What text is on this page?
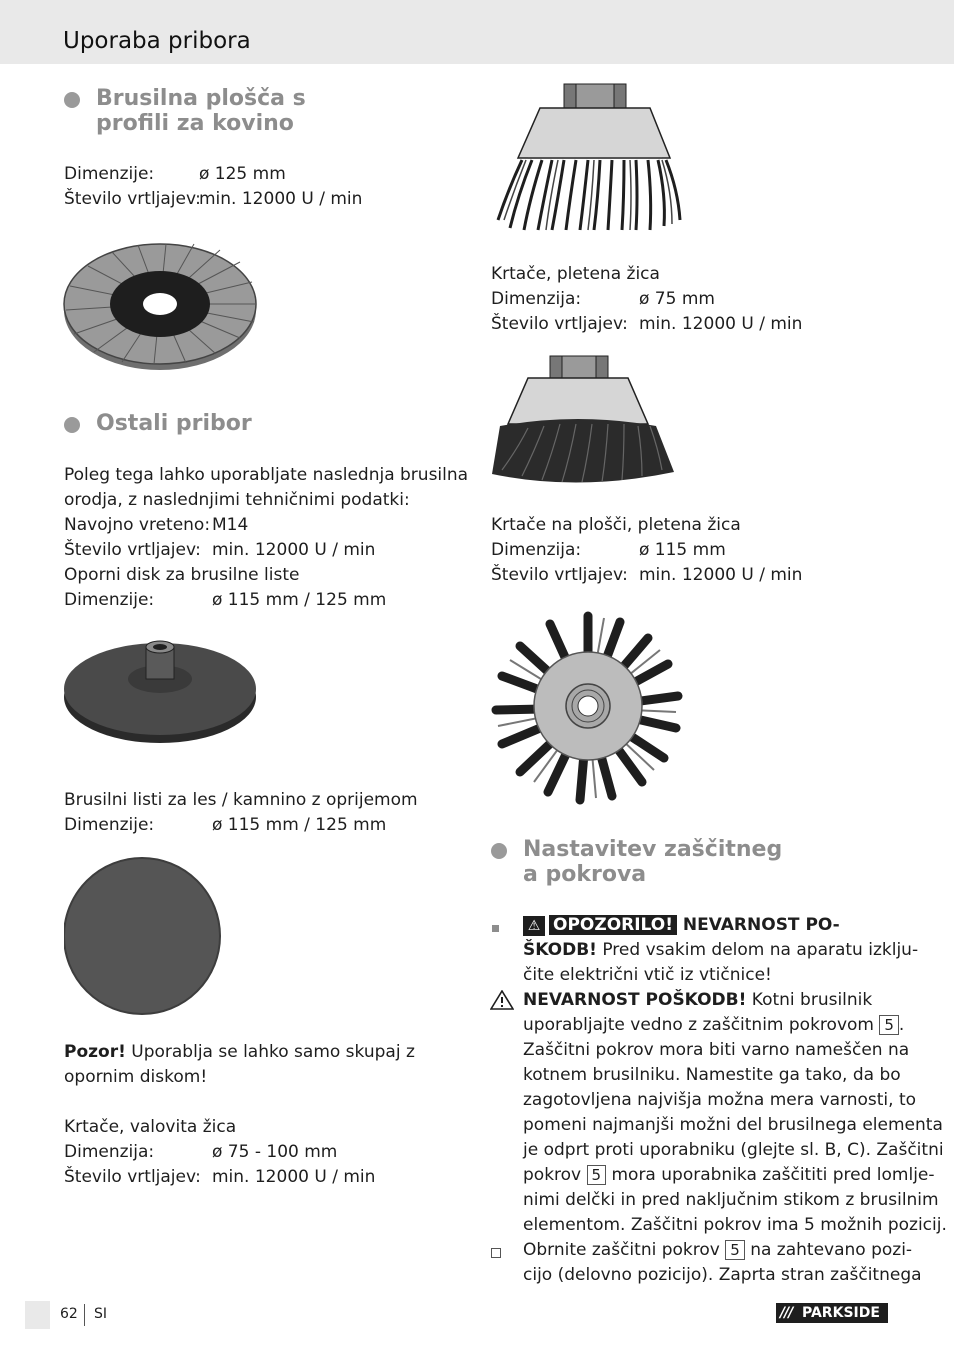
Uporaba pribora
Brusilna plošča s
profili za kovino
Dimenzije:	ø 125 mm
Število vrtljajev:min. 12000 U / min
Ostali pribor
Poleg tega lahko uporabljate naslednja brusilna
orodja, z naslednjimi tehničnimi podatki:
Navojno vreteno: M14
Število vrtljajev: min. 12000 U / min
Oporni disk za brusilne liste
Dimenzije:	ø 115 mm / 125 mm
Brusilni listi za les / kamnino z oprijemom
Dimenzije:	ø 115 mm / 125 mm
Pozor! Uporablja se lahko samo skupaj z
opornim diskom!
Krtače, valovita žica
Dimenzija:	ø 75 - 100 mm
Število vrtljajev: min. 12000 U / min
Krtače, pletena žica
Dimenzija:	ø 75 mm
Število vrtljajev: min. 12000 U / min
Krtače na plošči, pletena žica
Dimenzija:	ø 115 mm
Število vrtljajev: min. 12000 U / min
Nastavitev zaščitneg
a pokrova
⚠ OPOZORILO! NEVARNOST PO-
ŠKODB! Pred vsakim delom na aparatu izklju-
čite električni vtič iz vtičnice!
NEVARNOST POŠKODB! Kotni brusilnik
uporabljajte vedno z zaščitnim pokrovom 5 .
Zaščitni pokrov mora biti varno nameščen na
kotnem brusilniku. Namestite ga tako, da bo
zagotovljena najvišja možna mera varnosti, to
pomeni najmanjši možni del brusilnega elementa
je odprt proti uporabniku (glejte sl. B, C). Zaščitni
pokrov 5 mora uporabnika zaščititi pred lomlje-
nimi delčki in pred naključnim stikom z brusilnim
elementom. Zaščitni pokrov ima 5 možnih pozicij.
Obrnite zaščitni pokrov 5 na zahtevano pozi-
cijo (delovno pozicijo). Zaprta stran zaščitnega
62 SI	/// PARKSIDE
